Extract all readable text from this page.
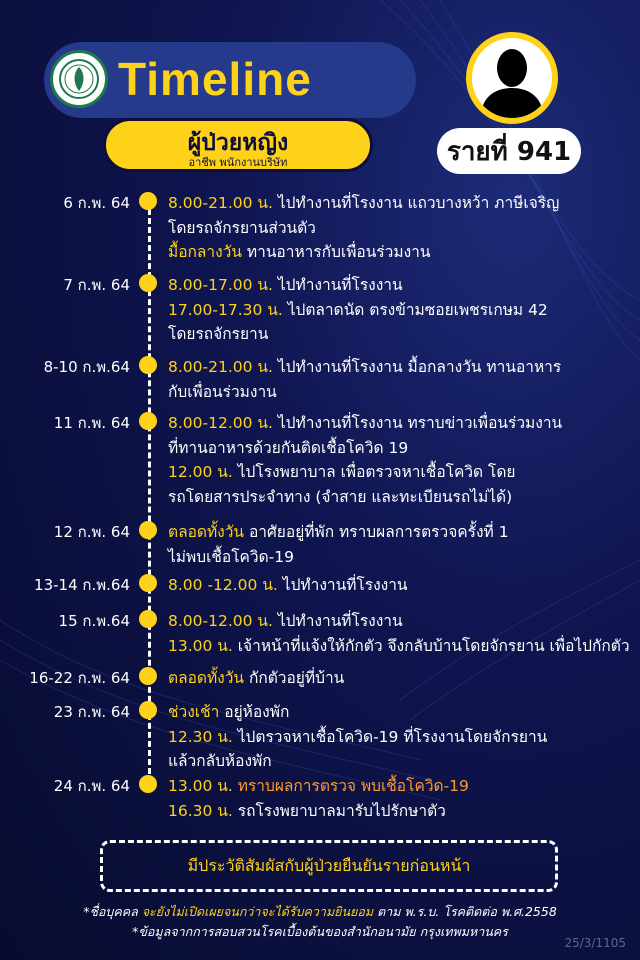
Timeline
ผู้ป่วยหญิง
อาชีพ พนักงานบริษัท	รายที่ 941
6 ก.พ. 64 8.00-21.00 น. ไปทำงานที่โรงงาน แถวบางหว้า ภาษีเจริญ
โดยรถจักรยานส่วนตัว
มื้อกลางวัน ทานอาหารกับเพื่อนร่วมงาน
7 ก.พ. 64 8.00-17.00 น. ไปทำงานที่โรงงาน
17.00-17.30 น. ไปตลาดนัด ตรงข้ามซอยเพชรเกษม 42
โดยรถจักรยาน
8-10 ก.พ.64 8.00-21.00 น. ไปทำงานที่โรงงาน มื้อกลางวัน ทานอาหาร
กับเพื่อนร่วมงาน
11 ก.พ. 64 8.00-12.00 น. ไปทำงานที่โรงงาน ทราบข่าวเพื่อนร่วมงาน
ที่ทานอาหารด้วยกันติดเชื้อโควิด 19
12.00 น. ไปโรงพยาบาล เพื่อตรวจหาเชื้อโควิด โดย
รถโดยสารประจำทาง (จำสาย และทะเบียนรถไม่ได้)
12 ก.พ. 64 ตลอดทั้งวัน อาศัยอยู่ที่พัก ทราบผลการตรวจครั้งที่ 1
ไม่พบเชื้อโควิด-19
13-14 ก.พ.64 8.00 -12.00 น. ไปทำงานที่โรงงาน
15 ก.พ.64 8.00-12.00 น. ไปทำงานที่โรงงาน
13.00 น. เจ้าหน้าที่แจ้งให้กักตัว จึงกลับบ้านโดยจักรยาน เพื่อไปกักตัว
16-22 ก.พ. 64 ตลอดทั้งวัน กักตัวอยู่ที่บ้าน
23 ก.พ. 64 ช่วงเช้า อยู่ห้องพัก
12.30 น. ไปตรวจหาเชื้อโควิด-19 ที่โรงงานโดยจักรยาน
แล้วกลับห้องพัก
24 ก.พ. 64 13.00 น. ทราบผลการตรวจ พบเชื้อโควิด-19
16.30 น. รถโรงพยาบาลมารับไปรักษาตัว
มีประวัติสัมผัสกับผู้ป่วยยืนยันรายก่อนหน้า
*ชื่อบุคคล จะยังไม่เปิดเผยจนกว่าจะได้รับความยินยอม ตาม พ.ร.บ. โรคติดต่อ พ.ศ.2558
*ข้อมูลจากการสอบสวนโรคเบื้องต้นของสำนักอนามัย กรุงเทพมหานคร
25/3/1105
